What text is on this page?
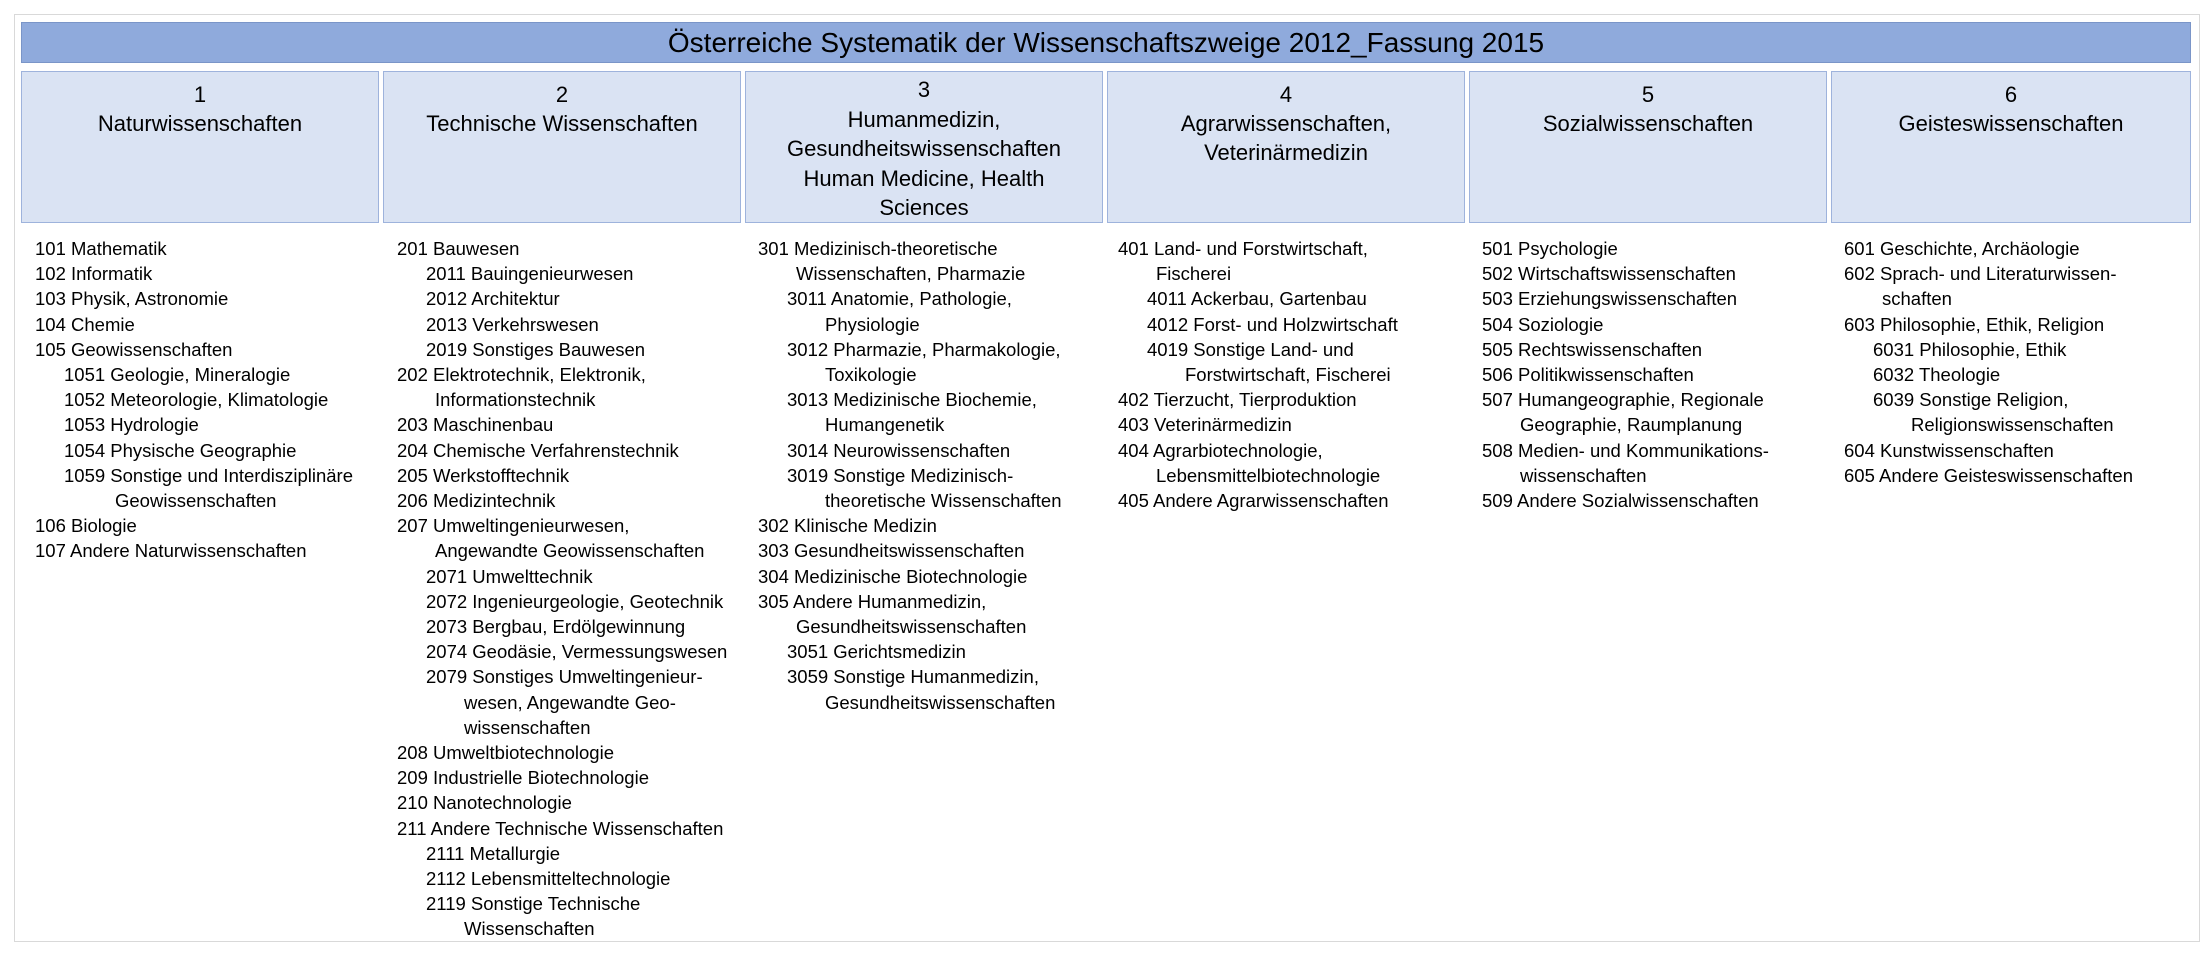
Österreiche Systematik der Wissenschaftszweige 2012_Fassung 2015
1
Naturwissenschaften
2
Technische Wissenschaften
3
Humanmedizin, Gesundheitswissenschaften Human Medicine, Health Sciences
4
Agrarwissenschaften, Veterinärmedizin
5
Sozialwissenschaften
6
Geisteswissenschaften
101 Mathematik
102 Informatik
103 Physik, Astronomie
104 Chemie
105 Geowissenschaften
1051 Geologie, Mineralogie
1052 Meteorologie, Klimatologie
1053 Hydrologie
1054 Physische Geographie
1059 Sonstige und Interdisziplinäre
Geowissenschaften
106 Biologie
107 Andere Naturwissenschaften
201 Bauwesen
2011 Bauingenieurwesen
2012 Architektur
2013 Verkehrswesen
2019 Sonstiges Bauwesen
202 Elektrotechnik, Elektronik,
Informationstechnik
203 Maschinenbau
204 Chemische Verfahrenstechnik
205 Werkstofftechnik
206 Medizintechnik
207 Umweltingenieurwesen,
Angewandte Geowissenschaften
2071 Umwelttechnik
2072 Ingenieurgeologie, Geotechnik
2073 Bergbau, Erdölgewinnung
2074 Geodäsie, Vermessungswesen
2079 Sonstiges Umweltingenieur-
wesen, Angewandte Geo-
wissenschaften
208 Umweltbiotechnologie
209 Industrielle Biotechnologie
210 Nanotechnologie
211 Andere Technische Wissenschaften
2111 Metallurgie
2112 Lebensmitteltechnologie
2119 Sonstige Technische
Wissenschaften
301 Medizinisch-theoretische
Wissenschaften, Pharmazie
3011 Anatomie, Pathologie,
Physiologie
3012 Pharmazie, Pharmakologie,
Toxikologie
3013 Medizinische Biochemie,
Humangenetik
3014 Neurowissenschaften
3019 Sonstige Medizinisch-
theoretische Wissenschaften
302 Klinische Medizin
303 Gesundheitswissenschaften
304 Medizinische Biotechnologie
305 Andere Humanmedizin,
Gesundheitswissenschaften
3051 Gerichtsmedizin
3059 Sonstige Humanmedizin,
Gesundheitswissenschaften
401 Land- und Forstwirtschaft,
Fischerei
4011 Ackerbau, Gartenbau
4012 Forst- und Holzwirtschaft
4019 Sonstige Land- und
Forstwirtschaft, Fischerei
402 Tierzucht, Tierproduktion
403 Veterinärmedizin
404 Agrarbiotechnologie,
Lebensmittelbiotechnologie
405 Andere Agrarwissenschaften
501 Psychologie
502 Wirtschaftswissenschaften
503 Erziehungswissenschaften
504 Soziologie
505 Rechtswissenschaften
506 Politikwissenschaften
507 Humangeographie, Regionale
Geographie, Raumplanung
508 Medien- und Kommunikations-
wissenschaften
509 Andere Sozialwissenschaften
601 Geschichte, Archäologie
602 Sprach- und Literaturwissen-
schaften
603 Philosophie, Ethik, Religion
6031 Philosophie, Ethik
6032 Theologie
6039 Sonstige Religion,
Religionswissenschaften
604 Kunstwissenschaften
605 Andere Geisteswissenschaften
